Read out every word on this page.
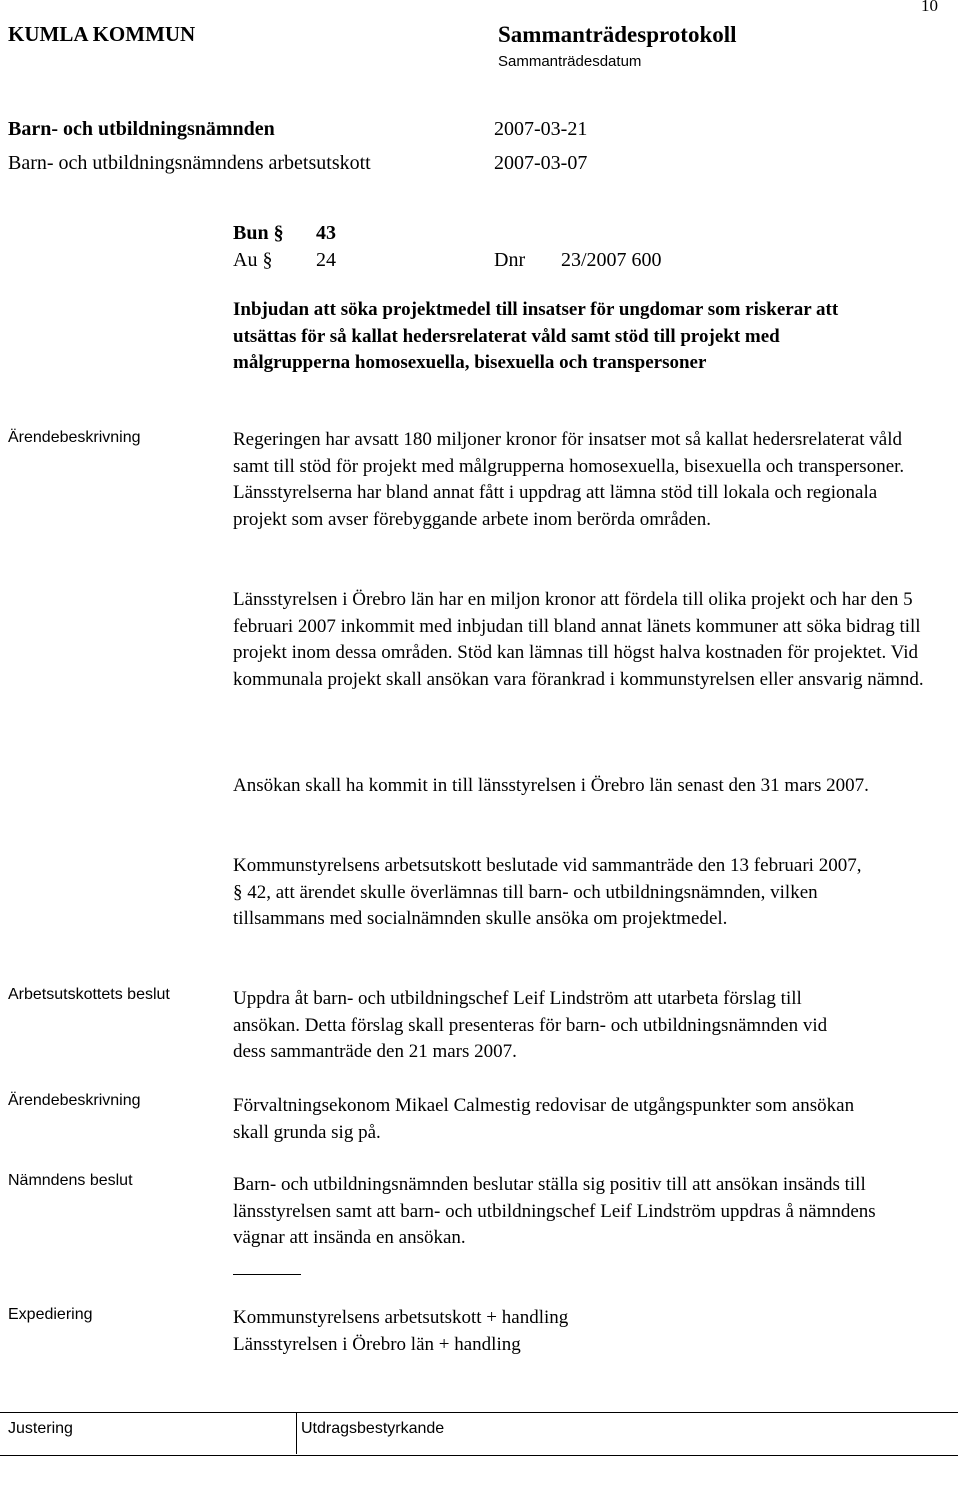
10
KUMLA KOMMUN	Sammanträdesprotokoll
Sammanträdesdatum
Barn- och utbildningsnämnden	2007-03-21
Barn- och utbildningsnämndens arbetsutskott	2007-03-07
Bun § 43
Au § 24	Dnr 23/2007 600
Inbjudan att söka projektmedel till insatser för ungdomar som riskerar att utsättas för så kallat hedersrelaterat våld samt stöd till projekt med målgrupperna homosexuella, bisexuella och transpersoner
Ärendebeskrivning	Regeringen har avsatt 180 miljoner kronor för insatser mot så kallat hedersrelaterat våld samt till stöd för projekt med målgrupperna homosexuella, bisexuella och transpersoner. Länsstyrelserna har bland annat fått i uppdrag att lämna stöd till lokala och regionala projekt som avser förebyggande arbete inom berörda områden.
Länsstyrelsen i Örebro län har en miljon kronor att fördela till olika projekt och har den 5 februari 2007 inkommit med inbjudan till bland annat länets kommuner att söka bidrag till projekt inom dessa områden. Stöd kan lämnas till högst halva kostnaden för projektet. Vid kommunala projekt skall ansökan vara förankrad i kommunstyrelsen eller ansvarig nämnd.
Ansökan skall ha kommit in till länsstyrelsen i Örebro län senast den 31 mars 2007.
Kommunstyrelsens arbetsutskott beslutade vid sammanträde den 13 februari 2007, § 42, att ärendet skulle överlämnas till barn- och utbildningsnämnden, vilken tillsammans med socialnämnden skulle ansöka om projektmedel.
Arbetsutskottets beslut	Uppdra åt barn- och utbildningschef Leif Lindström att utarbeta förslag till ansökan. Detta förslag skall presenteras för barn- och utbildningsnämnden vid dess sammanträde den 21 mars 2007.
Ärendebeskrivning	Förvaltningsekonom Mikael Calmestig redovisar de utgångspunkter som ansökan skall grunda sig på.
Nämndens beslut	Barn- och utbildningsnämnden beslutar ställa sig positiv till att ansökan insänds till länsstyrelsen samt att barn- och utbildningschef Leif Lindström uppdras å nämndens vägnar att insända en ansökan.
Expediering	Kommunstyrelsens arbetsutskott + handling
Länsstyrelsen i Örebro län + handling
Justering	Utdragsbestyrkande
